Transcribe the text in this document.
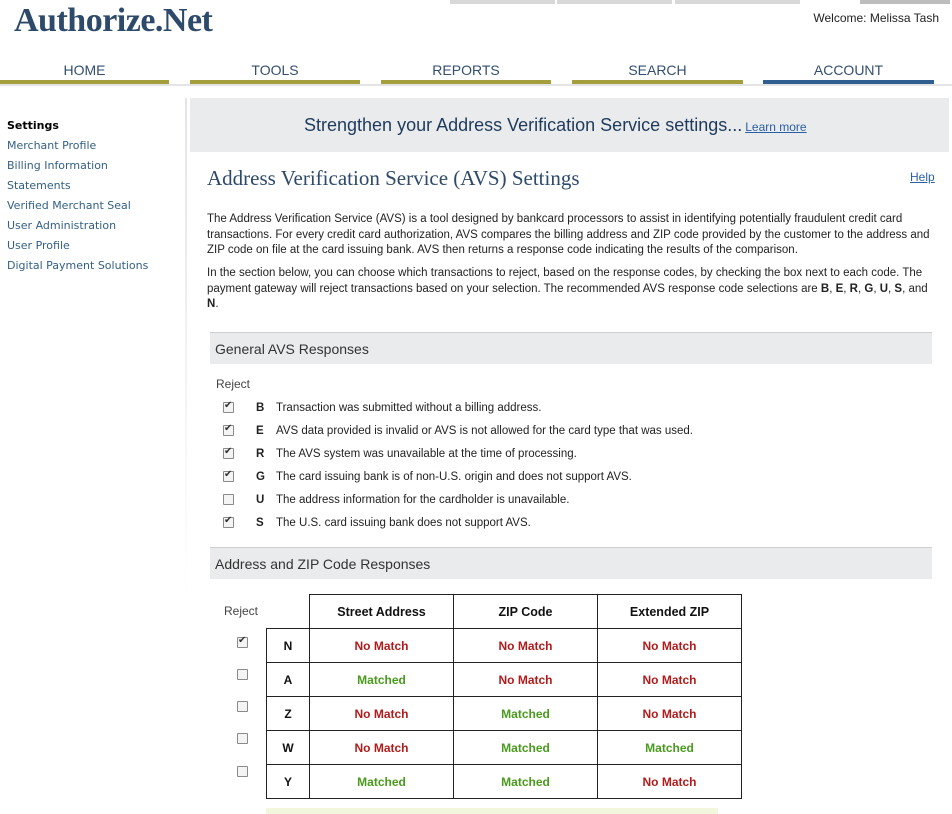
Authorize.Net	Welcome: Melissa Tash
HOME	TOOLS	REPORTS	SEARCH	ACCOUNT
Settings
Merchant Profile
Billing Information
Statements
Verified Merchant Seal
User Administration
User Profile
Digital Payment Solutions
Strengthen your Address Verification Service settings... Learn more
Address Verification Service (AVS) Settings	Help
The Address Verification Service (AVS) is a tool designed by bankcard processors to assist in identifying potentially fraudulent credit card transactions. For every credit card authorization, AVS compares the billing address and ZIP code provided by the customer to the address and ZIP code on file at the card issuing bank. AVS then returns a response code indicating the results of the comparison.
In the section below, you can choose which transactions to reject, based on the response codes, by checking the box next to each code. The payment gateway will reject transactions based on your selection. The recommended AVS response code selections are B, E, R, G, U, S, and N.
General AVS Responses
Reject
✔
B Transaction was submitted without a billing address.
✔
E AVS data provided is invalid or AVS is not allowed for the card type that was used.
✔
R The AVS system was unavailable at the time of processing.
✔
G The card issuing bank is of non-U.S. origin and does not support AVS.
U The address information for the cardholder is unavailable.
✔
S The U.S. card issuing bank does not support AVS.
Address and ZIP Code Responses
Reject
✔
		Street Address	ZIP Code	Extended ZIP
N	No Match	No Match	No Match
A	Matched	No Match	No Match
Z	No Match	Matched	No Match
W	No Match	Matched	Matched
Y	Matched	Matched	No Match
